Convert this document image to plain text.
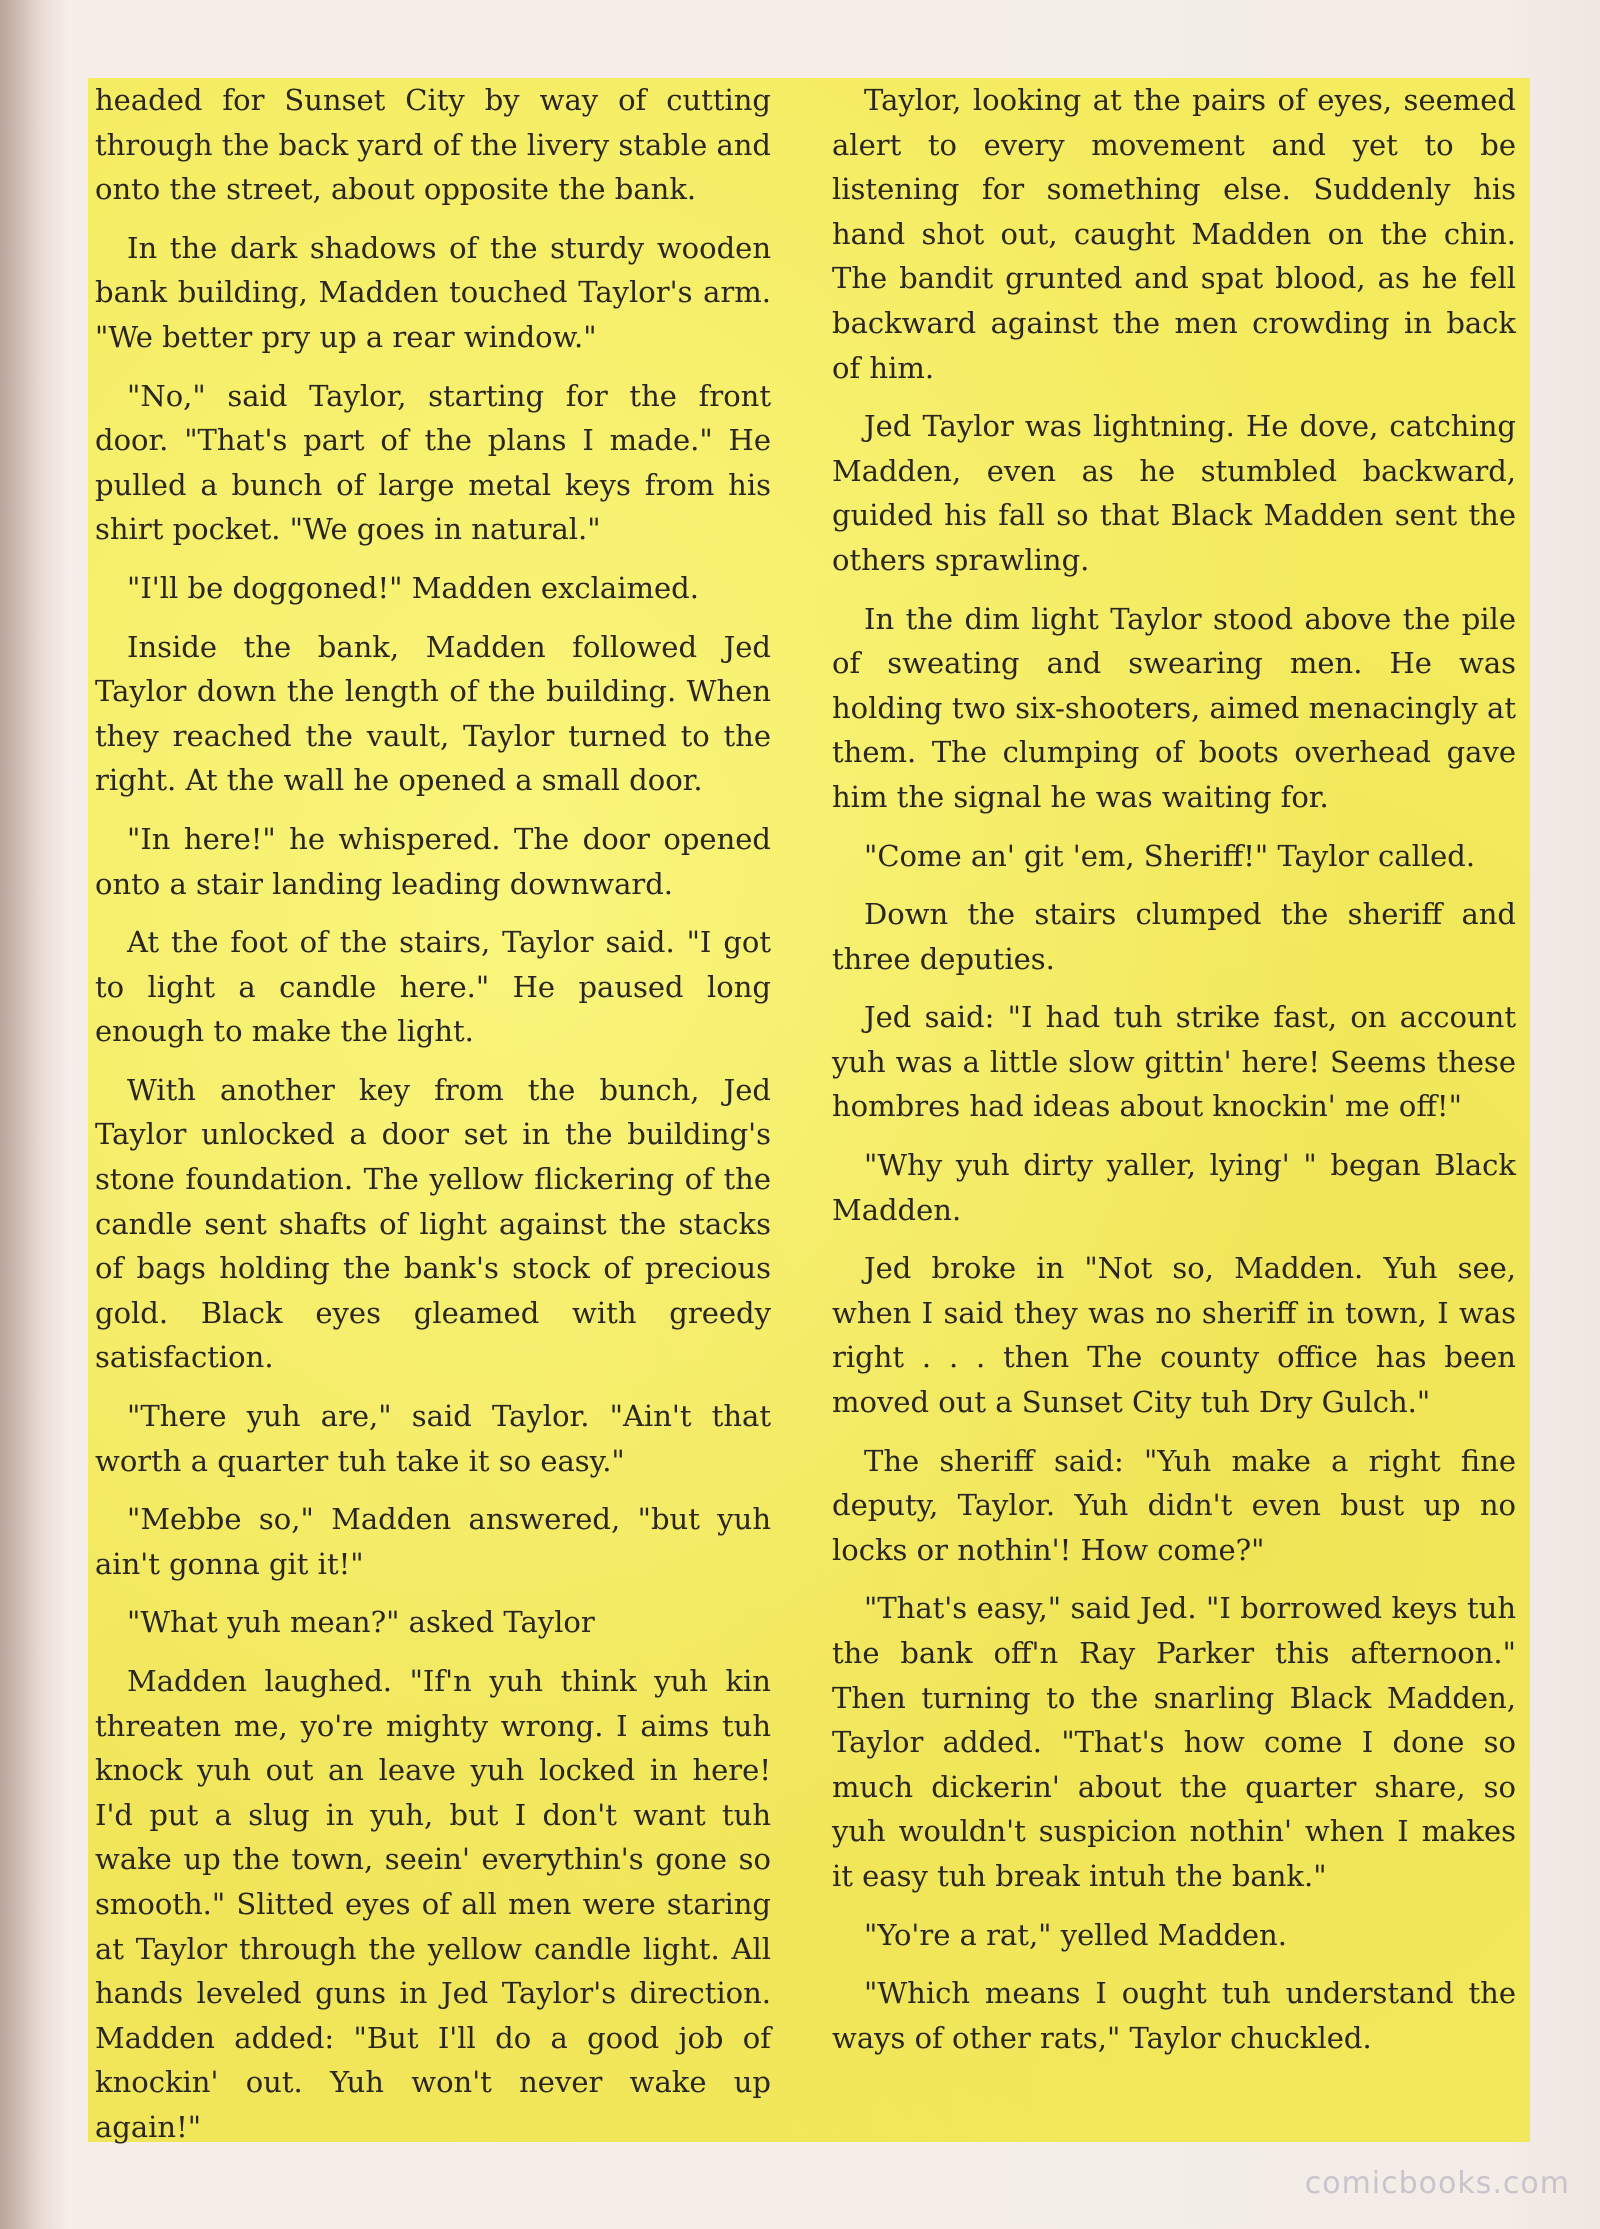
headed for Sunset City by way of cutting through the back yard of the livery stable and onto the street, about opposite the bank.

In the dark shadows of the sturdy wooden bank building, Madden touched Taylor's arm. "We better pry up a rear window."

"No," said Taylor, starting for the front door. "That's part of the plans I made." He pulled a bunch of large metal keys from his shirt pocket. "We goes in natural."

"I'll be doggoned!" Madden exclaimed.

Inside the bank, Madden followed Jed Taylor down the length of the building. When they reached the vault, Taylor turned to the right. At the wall he opened a small door.

"In here!" he whispered. The door opened onto a stair landing leading downward.

At the foot of the stairs, Taylor said. "I got to light a candle here." He paused long enough to make the light.

With another key from the bunch, Jed Taylor unlocked a door set in the building's stone foundation. The yellow flickering of the candle sent shafts of light against the stacks of bags holding the bank's stock of precious gold. Black eyes gleamed with greedy satisfaction.

"There yuh are," said Taylor. "Ain't that worth a quarter tuh take it so easy."

"Mebbe so," Madden answered, "but yuh ain't gonna git it!"

"What yuh mean?" asked Taylor

Madden laughed. "If'n yuh think yuh kin threaten me, yo're mighty wrong. I aims tuh knock yuh out an leave yuh locked in here! I'd put a slug in yuh, but I don't want tuh wake up the town, seein' everythin's gone so smooth." Slitted eyes of all men were staring at Taylor through the yellow candle light. All hands leveled guns in Jed Taylor's direction. Madden added: "But I'll do a good job of knockin' out. Yuh won't never wake up again!"

Taylor, looking at the pairs of eyes, seemed alert to every movement and yet to be listening for something else. Suddenly his hand shot out, caught Madden on the chin. The bandit grunted and spat blood, as he fell backward against the men crowding in back of him.

Jed Taylor was lightning. He dove, catching Madden, even as he stumbled backward, guided his fall so that Black Madden sent the others sprawling.

In the dim light Taylor stood above the pile of sweating and swearing men. He was holding two six-shooters, aimed menacingly at them. The clumping of boots overhead gave him the signal he was waiting for.

"Come an' git 'em, Sheriff!" Taylor called.

Down the stairs clumped the sheriff and three deputies.

Jed said: "I had tuh strike fast, on account yuh was a little slow gittin' here! Seems these hombres had ideas about knockin' me off!"

"Why yuh dirty yaller, lying' " began Black Madden.

Jed broke in "Not so, Madden. Yuh see, when I said they was no sheriff in town, I was right . . . then The county office has been moved out a Sunset City tuh Dry Gulch."

The sheriff said: "Yuh make a right fine deputy, Taylor. Yuh didn't even bust up no locks or nothin'! How come?"

"That's easy," said Jed. "I borrowed keys tuh the bank off'n Ray Parker this afternoon." Then turning to the snarling Black Madden, Taylor added. "That's how come I done so much dickerin' about the quarter share, so yuh wouldn't suspicion nothin' when I makes it easy tuh break intuh the bank."

"Yo're a rat," yelled Madden.

"Which means I ought tuh understand the ways of other rats," Taylor chuckled.

comicbooks.com
